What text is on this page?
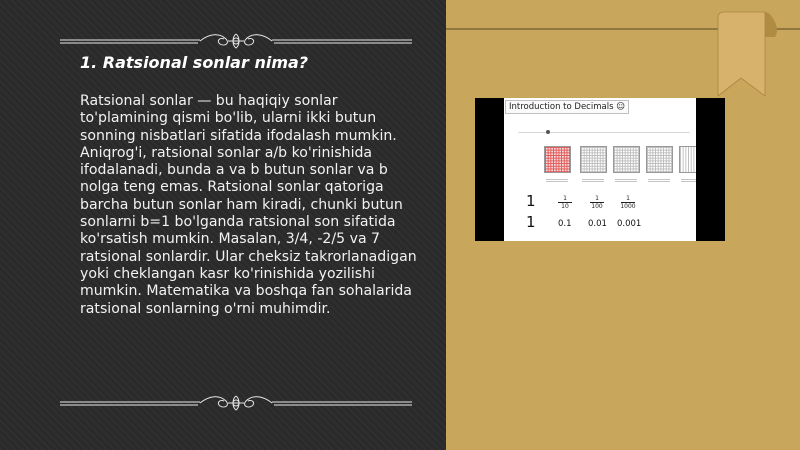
1. Ratsional sonlar nima?

Ratsional sonlar — bu haqiqiy sonlar to'plamining qismi bo'lib, ularni ikki butun sonning nisbatlari sifatida ifodalash mumkin. Aniqrog'i, ratsional sonlar a/b ko'rinishida ifodalanadi, bunda a va b butun sonlar va b nolga teng emas. Ratsional sonlar qatoriga barcha butun sonlar ham kiradi, chunki butun sonlarni b=1 bo'lganda ratsional son sifatida ko'rsatish mumkin. Masalan, 3/4, -2/5 va 7 ratsional sonlardir. Ular cheksiz takrorlanadigan yoki cheklangan kasr ko'rinishida yozilishi mumkin. Matematika va boshqa fan sohalarida ratsional sonlarning o'rni muhimdir.

Introduction to Decimals ☺
1
1
1
10
1
100
1
1000
0.1 0.01 0.001
